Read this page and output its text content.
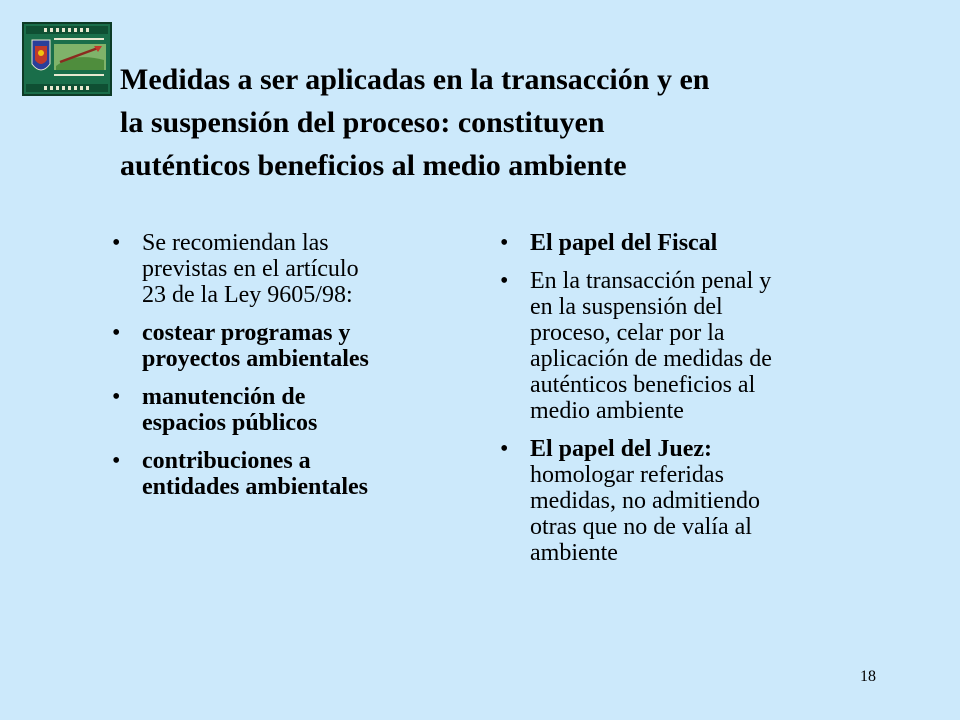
Medidas a ser aplicadas en la transacción y en
la suspensión del proceso: constituyen
auténticos beneficios al medio ambiente
• Se recomiendan las
previstas en el artículo
23 de la Ley 9605/98:
• costear programas y
proyectos ambientales
• manutención de
espacios públicos
• contribuciones a
entidades ambientales
• El papel del Fiscal
• En la transacción penal y
en la suspensión del
proceso, celar por la
aplicación de medidas de
auténticos beneficios al
medio ambiente
• El papel del Juez:
homologar referidas
medidas, no admitiendo
otras que no de valía al
ambiente
18
